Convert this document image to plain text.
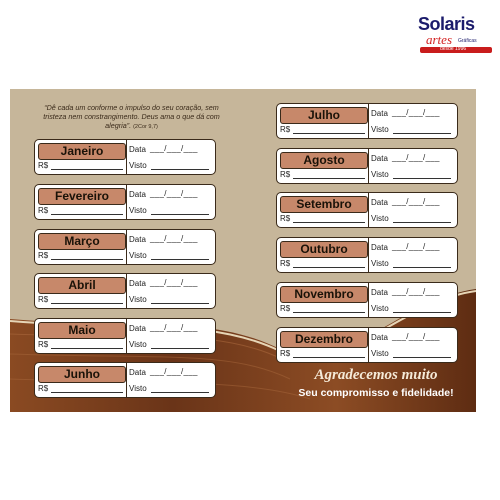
Solaris
artes Gráficas
desde 1996
“Dê cada um conforme o impulso do seu coração, sem tristeza nem constrangimento. Deus ama o que dá com alegria”. (2Cor 9,7)
Janeiro
R$
Data ___/___/___
Visto
Fevereiro
R$
Data ___/___/___
Visto
Março
R$
Data ___/___/___
Visto
Abril
R$
Data ___/___/___
Visto
Maio
R$
Data ___/___/___
Visto
Junho
R$
Data ___/___/___
Visto
Julho
R$
Data ___/___/___
Visto
Agosto
R$
Data ___/___/___
Visto
Setembro
R$
Data ___/___/___
Visto
Outubro
R$
Data ___/___/___
Visto
Novembro
R$
Data ___/___/___
Visto
Dezembro
R$
Data ___/___/___
Visto
Agradecemos muito
Seu compromisso e fidelidade!
